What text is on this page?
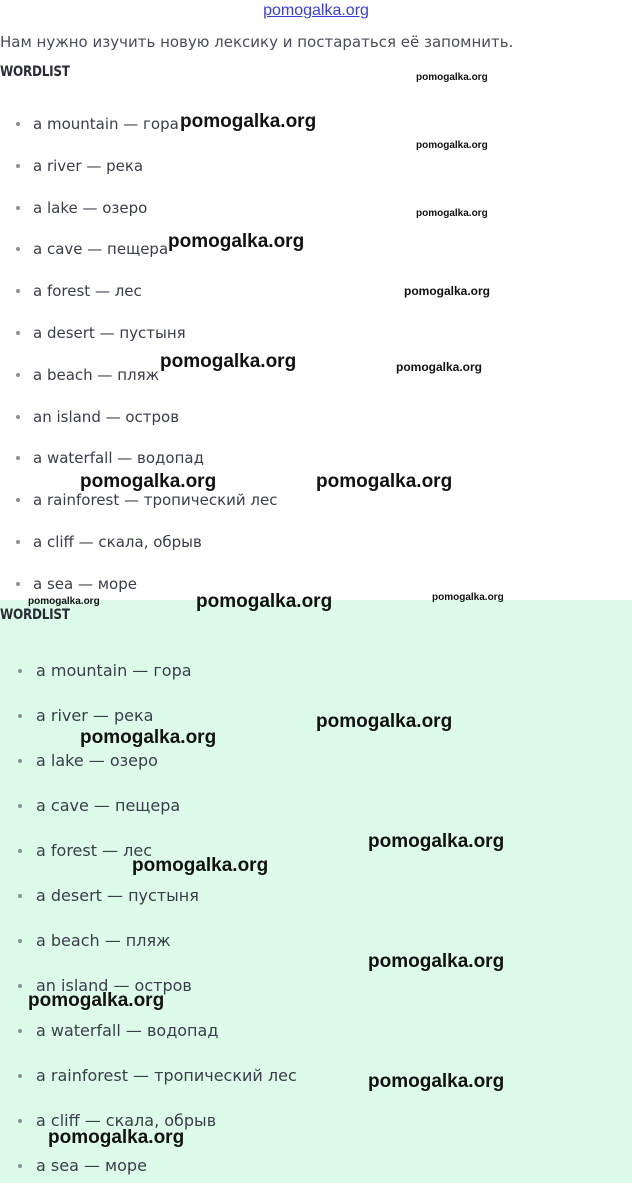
pomogalka.org
Нам нужно изучить новую лексику и постараться её запомнить.
WORDLIST
a mountain — гора
a river — река
a lake — озеро
a cave — пещера
a forest — лес
a desert — пустыня
a beach — пляж
an island — остров
a waterfall — водопад
a rainforest — тропический лес
a cliff — скала, обрыв
a sea — море
WORDLIST
a mountain — гора
a river — река
a lake — озеро
a cave — пещера
a forest — лес
a desert — пустыня
a beach — пляж
an island — остров
a waterfall — водопад
a rainforest — тропический лес
a cliff — скала, обрыв
a sea — море
pomogalka.org
pomogalka.org
pomogalka.org
pomogalka.org
pomogalka.org
pomogalka.org
pomogalka.org	pomogalka.org
pomogalka.org	pomogalka.org
pomogalka.org	pomogalka.org	pomogalka.org
pomogalka.org
pomogalka.org
pomogalka.org
pomogalka.org
pomogalka.org
pomogalka.org
pomogalka.org
pomogalka.org
